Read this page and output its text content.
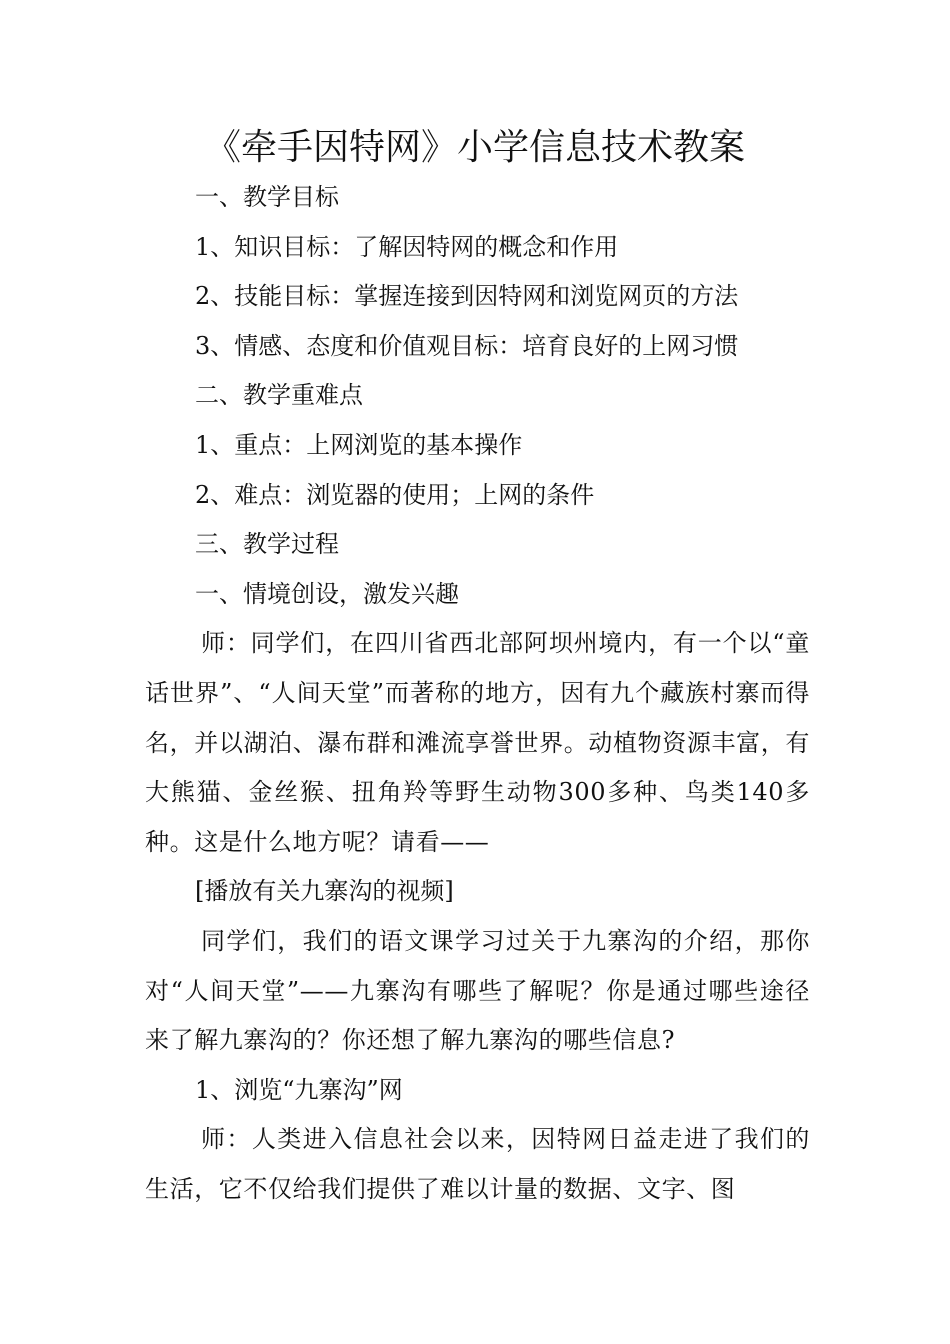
《牵手因特网》小学信息技术教案

一、教学目标

1、知识目标：了解因特网的概念和作用

2、技能目标：掌握连接到因特网和浏览网页的方法

3、情感、态度和价值观目标：培育良好的上网习惯

二、教学重难点

1、重点：上网浏览的基本操作

2、难点：浏览器的使用；上网的条件

三、教学过程

一、情境创设，激发兴趣

师：同学们，在四川省西北部阿坝州境内，有一个以“童话世界”、“人间天堂”而著称的地方，因有九个藏族村寨而得名，并以湖泊、瀑布群和滩流享誉世界。动植物资源丰富，有大熊猫、金丝猴、扭角羚等野生动物300多种、鸟类140多种。这是什么地方呢？请看——

[播放有关九寨沟的视频]

同学们，我们的语文课学习过关于九寨沟的介绍，那你对“人间天堂”——九寨沟有哪些了解呢？你是通过哪些途径来了解九寨沟的？你还想了解九寨沟的哪些信息?

1、浏览“九寨沟”网

师：人类进入信息社会以来，因特网日益走进了我们的生活，它不仅给我们提供了难以计量的数据、文字、图
